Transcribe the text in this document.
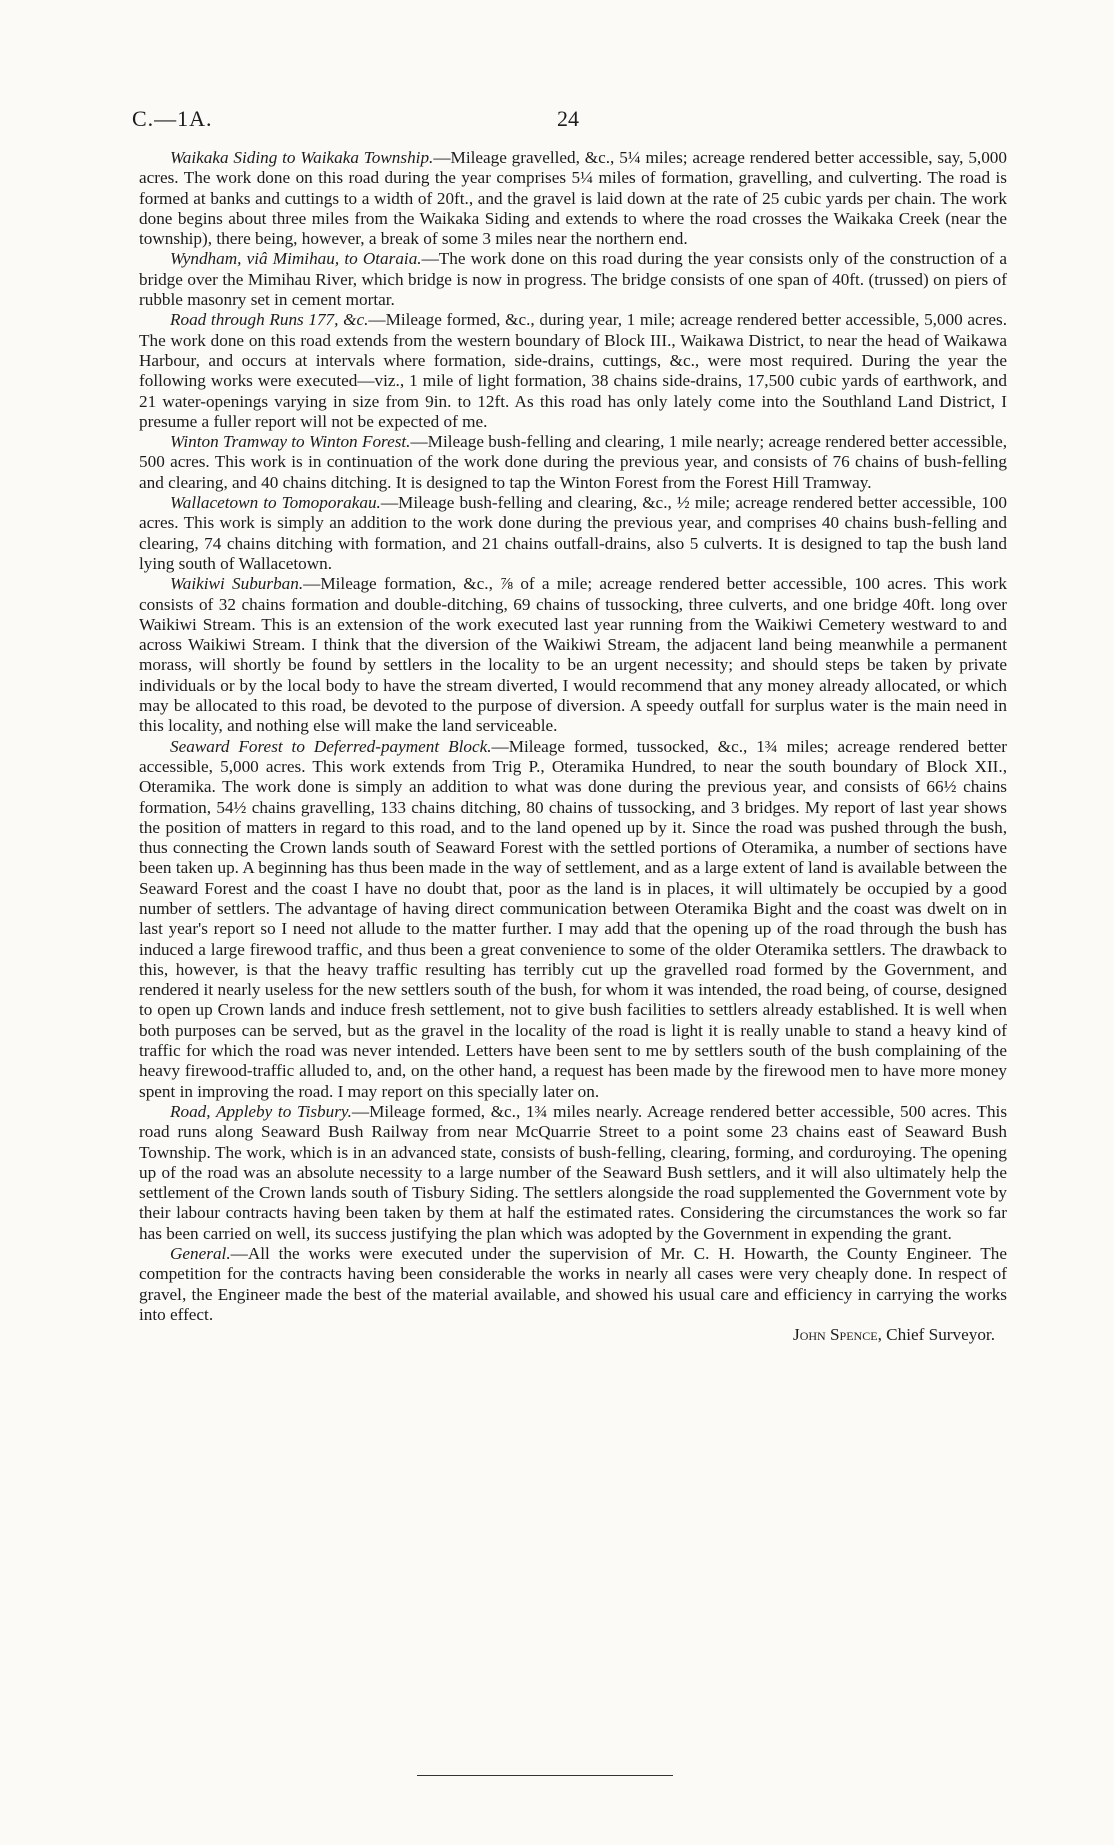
C.—1A.	24

Waikaka Siding to Waikaka Township.—Mileage gravelled, &c., 5¼ miles; acreage rendered better accessible, say, 5,000 acres. The work done on this road during the year comprises 5¼ miles of formation, gravelling, and culverting. The road is formed at banks and cuttings to a width of 20ft., and the gravel is laid down at the rate of 25 cubic yards per chain. The work done begins about three miles from the Waikaka Siding and extends to where the road crosses the Waikaka Creek (near the township), there being, however, a break of some 3 miles near the northern end.

Wyndham, viâ Mimihau, to Otaraia.—The work done on this road during the year consists only of the construction of a bridge over the Mimihau River, which bridge is now in progress. The bridge consists of one span of 40ft. (trussed) on piers of rubble masonry set in cement mortar.

Road through Runs 177, &c.—Mileage formed, &c., during year, 1 mile; acreage rendered better accessible, 5,000 acres. The work done on this road extends from the western boundary of Block III., Waikawa District, to near the head of Waikawa Harbour, and occurs at intervals where formation, side-drains, cuttings, &c., were most required. During the year the following works were executed—viz., 1 mile of light formation, 38 chains side-drains, 17,500 cubic yards of earthwork, and 21 water-openings varying in size from 9in. to 12ft. As this road has only lately come into the Southland Land District, I presume a fuller report will not be expected of me.

Winton Tramway to Winton Forest.—Mileage bush-felling and clearing, 1 mile nearly; acreage rendered better accessible, 500 acres. This work is in continuation of the work done during the previous year, and consists of 76 chains of bush-felling and clearing, and 40 chains ditching. It is designed to tap the Winton Forest from the Forest Hill Tramway.

Wallacetown to Tomoporakau.—Mileage bush-felling and clearing, &c., ½ mile; acreage rendered better accessible, 100 acres. This work is simply an addition to the work done during the previous year, and comprises 40 chains bush-felling and clearing, 74 chains ditching with formation, and 21 chains outfall-drains, also 5 culverts. It is designed to tap the bush land lying south of Wallacetown.

Waikiwi Suburban.—Mileage formation, &c., ⅞ of a mile; acreage rendered better accessible, 100 acres. This work consists of 32 chains formation and double-ditching, 69 chains of tussocking, three culverts, and one bridge 40ft. long over Waikiwi Stream. This is an extension of the work executed last year running from the Waikiwi Cemetery westward to and across Waikiwi Stream. I think that the diversion of the Waikiwi Stream, the adjacent land being meanwhile a permanent morass, will shortly be found by settlers in the locality to be an urgent necessity; and should steps be taken by private individuals or by the local body to have the stream diverted, I would recommend that any money already allocated, or which may be allocated to this road, be devoted to the purpose of diversion. A speedy outfall for surplus water is the main need in this locality, and nothing else will make the land serviceable.

Seaward Forest to Deferred-payment Block.—Mileage formed, tussocked, &c., 1¾ miles; acreage rendered better accessible, 5,000 acres. This work extends from Trig P., Oteramika Hundred, to near the south boundary of Block XII., Oteramika. The work done is simply an addition to what was done during the previous year, and consists of 66½ chains formation, 54½ chains gravelling, 133 chains ditching, 80 chains of tussocking, and 3 bridges. My report of last year shows the position of matters in regard to this road, and to the land opened up by it. Since the road was pushed through the bush, thus connecting the Crown lands south of Seaward Forest with the settled portions of Oteramika, a number of sections have been taken up. A beginning has thus been made in the way of settlement, and as a large extent of land is available between the Seaward Forest and the coast I have no doubt that, poor as the land is in places, it will ultimately be occupied by a good number of settlers. The advantage of having direct communication between Oteramika Bight and the coast was dwelt on in last year's report so I need not allude to the matter further. I may add that the opening up of the road through the bush has induced a large firewood traffic, and thus been a great convenience to some of the older Oteramika settlers. The drawback to this, however, is that the heavy traffic resulting has terribly cut up the gravelled road formed by the Government, and rendered it nearly useless for the new settlers south of the bush, for whom it was intended, the road being, of course, designed to open up Crown lands and induce fresh settlement, not to give bush facilities to settlers already established. It is well when both purposes can be served, but as the gravel in the locality of the road is light it is really unable to stand a heavy kind of traffic for which the road was never intended. Letters have been sent to me by settlers south of the bush complaining of the heavy firewood-traffic alluded to, and, on the other hand, a request has been made by the firewood men to have more money spent in improving the road. I may report on this specially later on.

Road, Appleby to Tisbury.—Mileage formed, &c., 1¾ miles nearly. Acreage rendered better accessible, 500 acres. This road runs along Seaward Bush Railway from near McQuarrie Street to a point some 23 chains east of Seaward Bush Township. The work, which is in an advanced state, consists of bush-felling, clearing, forming, and corduroying. The opening up of the road was an absolute necessity to a large number of the Seaward Bush settlers, and it will also ultimately help the settlement of the Crown lands south of Tisbury Siding. The settlers alongside the road supplemented the Government vote by their labour contracts having been taken by them at half the estimated rates. Considering the circumstances the work so far has been carried on well, its success justifying the plan which was adopted by the Government in expending the grant.

General.—All the works were executed under the supervision of Mr. C. H. Howarth, the County Engineer. The competition for the contracts having been considerable the works in nearly all cases were very cheaply done. In respect of gravel, the Engineer made the best of the material available, and showed his usual care and efficiency in carrying the works into effect.

John Spence, Chief Surveyor.
